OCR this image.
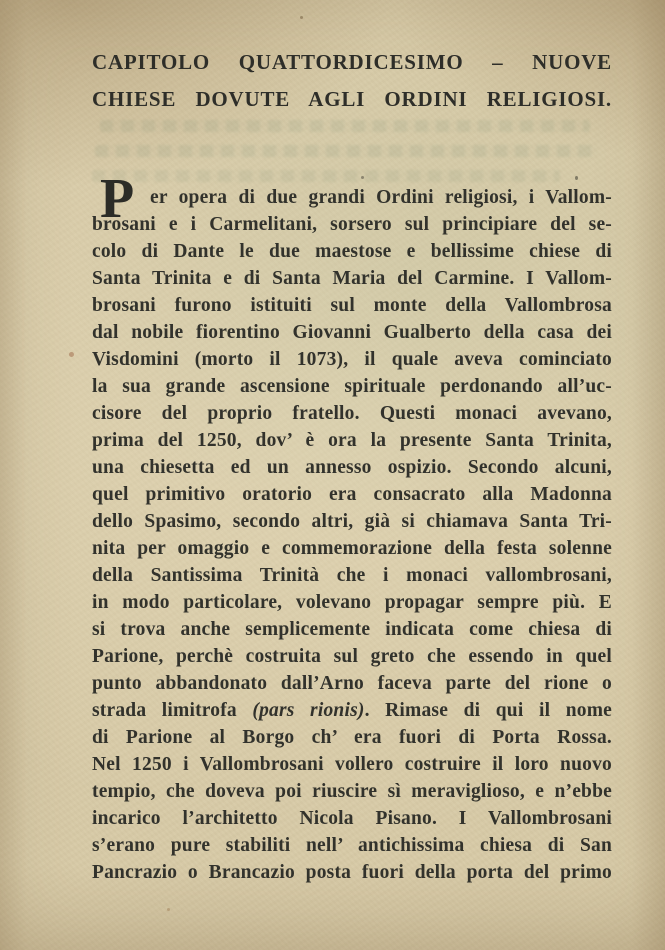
CAPITOLO QUATTORDICESIMO – NUOVE
CHIESE DOVUTE AGLI ORDINI RELIGIOSI.
P er opera di due grandi Ordini religiosi, i Vallom-
brosani e i Carmelitani, sorsero sul principiare del se-
colo di Dante le due maestose e bellissime chiese di
Santa Trinita e di Santa Maria del Carmine. I Vallom-
brosani furono istituiti sul monte della Vallombrosa
dal nobile fiorentino Giovanni Gualberto della casa dei
Visdomini (morto il 1073), il quale aveva cominciato
la sua grande ascensione spirituale perdonando all’uc-
cisore del proprio fratello. Questi monaci avevano,
prima del 1250, dov’ è ora la presente Santa Trinita,
una chiesetta ed un annesso ospizio. Secondo alcuni,
quel primitivo oratorio era consacrato alla Madonna
dello Spasimo, secondo altri, già si chiamava Santa Tri-
nita per omaggio e commemorazione della festa solenne
della Santissima Trinità che i monaci vallombrosani,
in modo particolare, volevano propagar sempre più. E
si trova anche semplicemente indicata come chiesa di
Parione, perchè costruita sul greto che essendo in quel
punto abbandonato dall’Arno faceva parte del rione o
strada limitrofa (pars rionis). Rimase di qui il nome
di Parione al Borgo ch’ era fuori di Porta Rossa.
Nel 1250 i Vallombrosani vollero costruire il loro nuovo
tempio, che doveva poi riuscire sì meraviglioso, e n’ebbe
incarico l’architetto Nicola Pisano. I Vallombrosani
s’erano pure stabiliti nell’ antichissima chiesa di San
Pancrazio o Brancazio posta fuori della porta del primo
